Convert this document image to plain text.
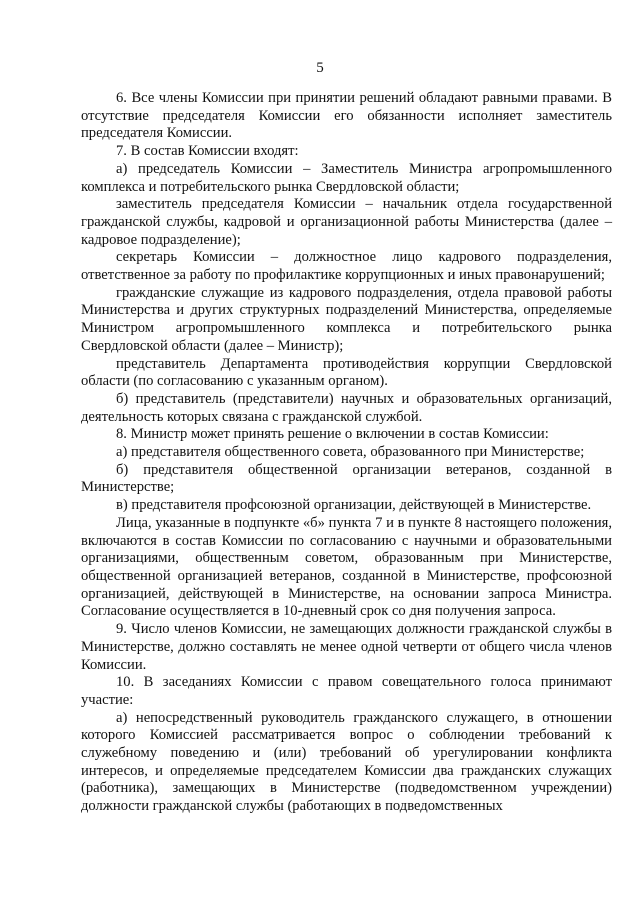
5

6. Все члены Комиссии при принятии решений обладают равными правами. В отсутствие председателя Комиссии его обязанности исполняет заместитель председателя Комиссии.

7. В состав Комиссии входят:

а) председатель Комиссии – Заместитель Министра агропромышленного комплекса и потребительского рынка Свердловской области;

заместитель председателя Комиссии – начальник отдела государственной гражданской службы, кадровой и организационной работы Министерства (далее – кадровое подразделение);

секретарь Комиссии – должностное лицо кадрового подразделения, ответственное за работу по профилактике коррупционных и иных правонарушений;

гражданские служащие из кадрового подразделения, отдела правовой работы Министерства и других структурных подразделений Министерства, определяемые Министром агропромышленного комплекса и потребительского рынка Свердловской области (далее – Министр);

представитель Департамента противодействия коррупции Свердловской области (по согласованию с указанным органом).

б) представитель (представители) научных и образовательных организаций, деятельность которых связана с гражданской службой.

8. Министр может принять решение о включении в состав Комиссии:

а) представителя общественного совета, образованного при Министерстве;

б) представителя общественной организации ветеранов, созданной в Министерстве;

в) представителя профсоюзной организации, действующей в Министерстве.

Лица, указанные в подпункте «б» пункта 7 и в пункте 8 настоящего положения, включаются в состав Комиссии по согласованию с научными и образовательными организациями, общественным советом, образованным при Министерстве, общественной организацией ветеранов, созданной в Министерстве, профсоюзной организацией, действующей в Министерстве, на основании запроса Министра. Согласование осуществляется в 10-дневный срок со дня получения запроса.

9. Число членов Комиссии, не замещающих должности гражданской службы в Министерстве, должно составлять не менее одной четверти от общего числа членов Комиссии.

10. В заседаниях Комиссии с правом совещательного голоса принимают участие:

а) непосредственный руководитель гражданского служащего, в отношении которого Комиссией рассматривается вопрос о соблюдении требований к служебному поведению и (или) требований об урегулировании конфликта интересов, и определяемые председателем Комиссии два гражданских служащих (работника), замещающих в Министерстве (подведомственном учреждении) должности гражданской службы (работающих в подведомственных
